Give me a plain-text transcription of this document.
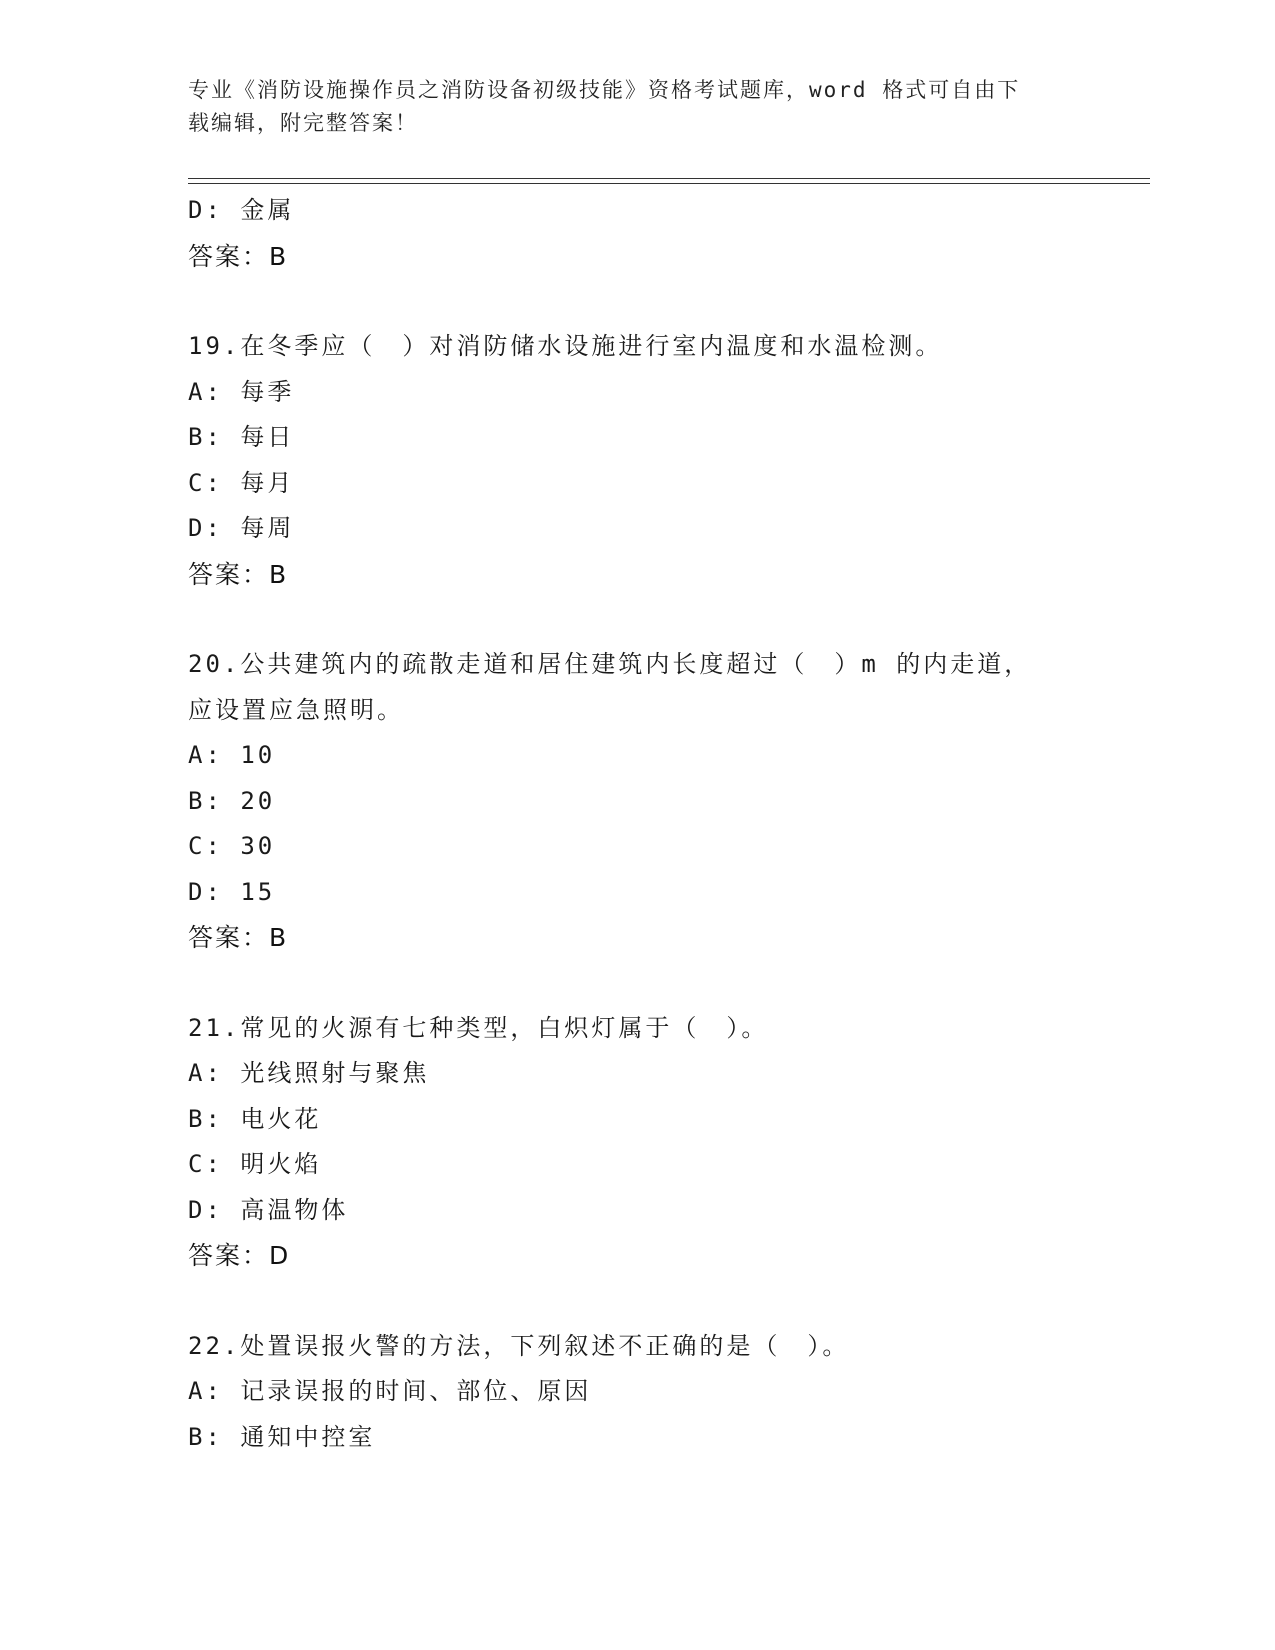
专业《消防设施操作员之消防设备初级技能》资格考试题库，word 格式可自由下
载编辑，附完整答案！
D: 金属
答案：B
19.在冬季应（　）对消防储水设施进行室内温度和水温检测。
A: 每季
B: 每日
C: 每月
D: 每周
答案：B
20.公共建筑内的疏散走道和居住建筑内长度超过（　）m 的内走道，
应设置应急照明。
A: 10
B: 20
C: 30
D: 15
答案：B
21.常见的火源有七种类型，白炽灯属于（　）。
A: 光线照射与聚焦
B: 电火花
C: 明火焰
D: 高温物体
答案：D
22.处置误报火警的方法，下列叙述不正确的是（　）。
A: 记录误报的时间、部位、原因
B: 通知中控室
